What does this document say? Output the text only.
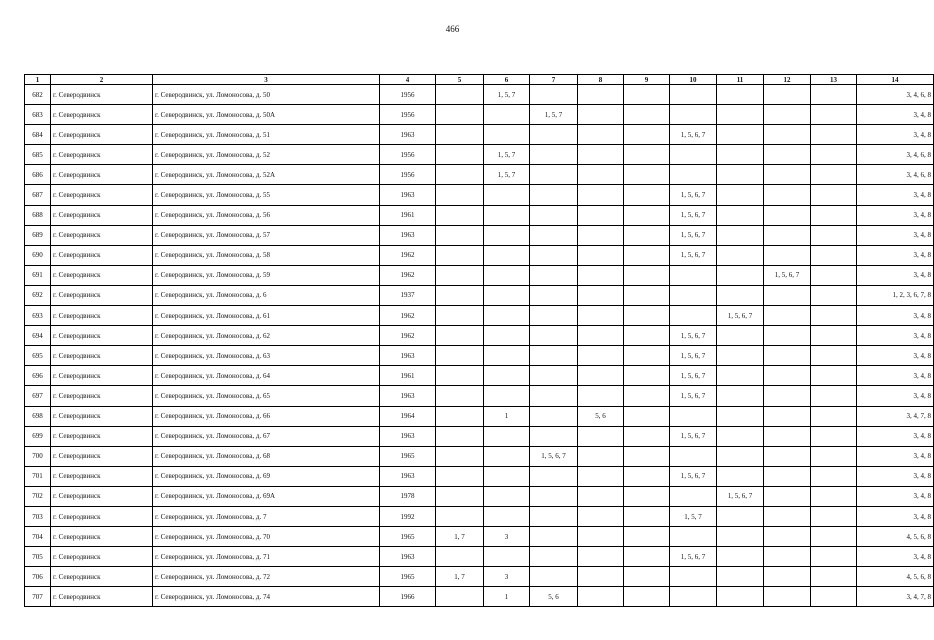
466
1	2	3	4	5	6	7	8	9	10	11	12	13	14
682	г. Северодвинск	г. Северодвинск, ул. Ломоносова, д. 50	1956		1, 5, 7								3, 4, 6, 8
683	г. Северодвинск	г. Северодвинск, ул. Ломоносова, д. 50А	1956			1, 5, 7							3, 4, 8
684	г. Северодвинск	г. Северодвинск, ул. Ломоносова, д. 51	1963						1, 5, 6, 7				3, 4, 8
685	г. Северодвинск	г. Северодвинск, ул. Ломоносова, д. 52	1956		1, 5, 7								3, 4, 6, 8
686	г. Северодвинск	г. Северодвинск, ул. Ломоносова, д. 52А	1956		1, 5, 7								3, 4, 6, 8
687	г. Северодвинск	г. Северодвинск, ул. Ломоносова, д. 55	1963						1, 5, 6, 7				3, 4, 8
688	г. Северодвинск	г. Северодвинск, ул. Ломоносова, д. 56	1961						1, 5, 6, 7				3, 4, 8
689	г. Северодвинск	г. Северодвинск, ул. Ломоносова, д. 57	1963						1, 5, 6, 7				3, 4, 8
690	г. Северодвинск	г. Северодвинск, ул. Ломоносова, д. 58	1962						1, 5, 6, 7				3, 4, 8
691	г. Северодвинск	г. Северодвинск, ул. Ломоносова, д. 59	1962								1, 5, 6, 7		3, 4, 8
692	г. Северодвинск	г. Северодвинск, ул. Ломоносова, д. 6	1937										1, 2, 3, 6, 7, 8
693	г. Северодвинск	г. Северодвинск, ул. Ломоносова, д. 61	1962							1, 5, 6, 7			3, 4, 8
694	г. Северодвинск	г. Северодвинск, ул. Ломоносова, д. 62	1962						1, 5, 6, 7				3, 4, 8
695	г. Северодвинск	г. Северодвинск, ул. Ломоносова, д. 63	1963						1, 5, 6, 7				3, 4, 8
696	г. Северодвинск	г. Северодвинск, ул. Ломоносова, д. 64	1961						1, 5, 6, 7				3, 4, 8
697	г. Северодвинск	г. Северодвинск, ул. Ломоносова, д. 65	1963						1, 5, 6, 7				3, 4, 8
698	г. Северодвинск	г. Северодвинск, ул. Ломоносова, д. 66	1964		1		5, 6						3, 4, 7, 8
699	г. Северодвинск	г. Северодвинск, ул. Ломоносова, д. 67	1963						1, 5, 6, 7				3, 4, 8
700	г. Северодвинск	г. Северодвинск, ул. Ломоносова, д. 68	1965			1, 5, 6, 7							3, 4, 8
701	г. Северодвинск	г. Северодвинск, ул. Ломоносова, д. 69	1963						1, 5, 6, 7				3, 4, 8
702	г. Северодвинск	г. Северодвинск, ул. Ломоносова, д. 69А	1978							1, 5, 6, 7			3, 4, 8
703	г. Северодвинск	г. Северодвинск, ул. Ломоносова, д. 7	1992						1, 5, 7				3, 4, 8
704	г. Северодвинск	г. Северодвинск, ул. Ломоносова, д. 70	1965	1, 7	3								4, 5, 6, 8
705	г. Северодвинск	г. Северодвинск, ул. Ломоносова, д. 71	1963						1, 5, 6, 7				3, 4, 8
706	г. Северодвинск	г. Северодвинск, ул. Ломоносова, д. 72	1965	1, 7	3								4, 5, 6, 8
707	г. Северодвинск	г. Северодвинск, ул. Ломоносова, д. 74	1966		1	5, 6							3, 4, 7, 8
